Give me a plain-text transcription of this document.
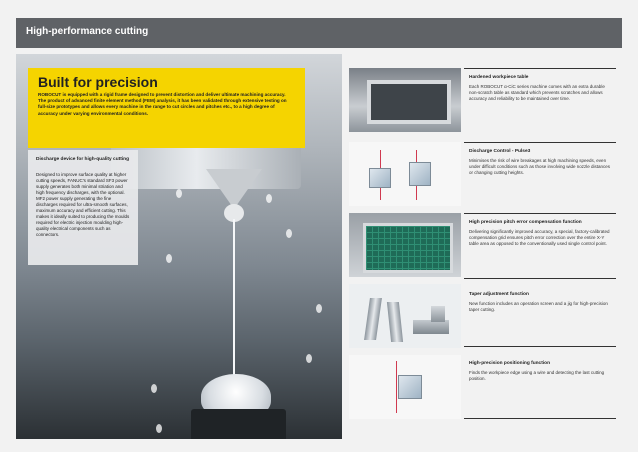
High-performance cutting
Built for precision
ROBOCUT is equipped with a rigid frame designed to prevent distortion and deliver ultimate machining accuracy. The product of advanced finite element method (FEM) analysis, it has been validated through extensive testing on full-size prototypes and allows every machine in the range to cut circles and pitches etc., to a high degree of accuracy under varying environmental conditions.
Discharge device for high-quality cutting
Designed to improve surface quality at higher cutting speeds, FANUC's standard SF3 power supply generates both minimal striation and high frequency discharges, with the optional. MF2 power supply generating the fine discharges required for ultra-smooth surfaces, maximum accuracy and efficient cutting. This makes it ideally suited to producing the moulds required for electric injection moulding high-quality electrical components such as connectors.
Hardened workpiece table
Each ROBOCUT α-CiC series machine comes with an extra durable non-scratch table as standard which prevents scratches and allows accuracy and reliability to be maintained over time.
Discharge Control - Pulse3
Minimises the risk of wire breakages at high machining speeds, even under difficult conditions such as those involving wide nozzle distances or changing cutting heights.
High precision pitch error compensation function
Delivering significantly improved accuracy, a special, factory-calibrated compensation grid ensures pitch error correction over the entire X-Y table area as opposed to the conventionally used single control point.
Taper adjustment function
New function includes an operation screen and a jig for high-precision taper cutting.
High-precision positioning function
Finds the workpiece edge using a wire and detecting the last cutting position.
